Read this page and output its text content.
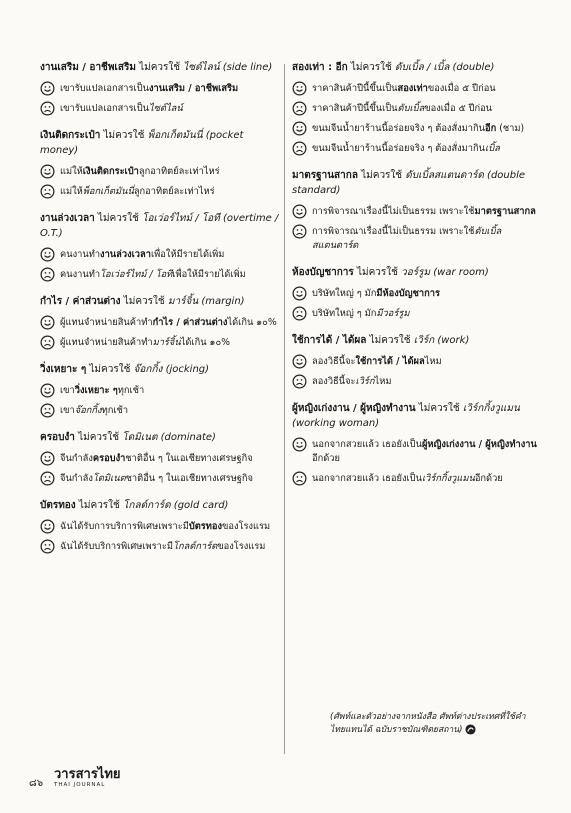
งานเสริม / อาชีพเสริม ไม่ควรใช้ ไซด์ไลน์ (side line)
เขารับแปลเอกสารเป็นงานเสริม / อาชีพเสริม
เขารับแปลเอกสารเป็นไซด์ไลน์
เงินติดกระเป๋า ไม่ควรใช้ พ็อกเก็ตมันนี่ (pocket money)
แม่ให้เงินติดกระเป๋าลูกอาทิตย์ละเท่าไหร่
แม่ให้พ็อกเก็ตมันนี่ลูกอาทิตย์ละเท่าไหร่
งานล่วงเวลา ไม่ควรใช้ โอเว่อร์ไทม์ / โอที (overtime / O.T.)
คนงานทำงานล่วงเวลาเพื่อให้มีรายได้เพิ่ม
คนงานทำโอเว่อร์ไทม์ / โอทีเพื่อให้มีรายได้เพิ่ม
กำไร / ค่าส่วนต่าง ไม่ควรใช้ มาร์จิ้น (margin)
ผู้แทนจำหน่ายสินค้าทำกำไร / ค่าส่วนต่างได้เกิน ๑๐%
ผู้แทนจำหน่ายสินค้าทำมาร์จิ้นได้เกิน ๑๐%
วิ่งเหยาะ ๆ ไม่ควรใช้ จ๊อกกิ้ง (jocking)
เขาวิ่งเหยาะ ๆทุกเช้า
เขาจ๊อกกิ้งทุกเช้า
ครอบงำ ไม่ควรใช้ โดมิเนต (dominate)
จีนกำลังครอบงำชาติอื่น ๆ ในเอเชียทางเศรษฐกิจ
จีนกำลังโดมิเนตชาติอื่น ๆ ในเอเชียทางเศรษฐกิจ
บัตรทอง ไม่ควรใช้ โกลด์การ์ด (gold card)
ฉันได้รับการบริการพิเศษเพราะมีบัตรทองของโรงแรม
ฉันได้รับบริการพิเศษเพราะมีโกลด์การ์ดของโรงแรม
สองเท่า : อีก ไม่ควรใช้ ดับเบิ้ล / เบิ้ล (double)
ราคาสินค้าปีนี้ขึ้นเป็นสองเท่าของเมื่อ ๕ ปีก่อน
ราคาสินค้าปีนี้ขึ้นเป็นดับเบิ้ลของเมื่อ ๕ ปีก่อน
ขนมจีนน้ำยาร้านนี้อร่อยจริง ๆ ต้องสั่งมากินอีก (ชาม)
ขนมจีนน้ำยาร้านนี้อร่อยจริง ๆ ต้องสั่งมากินเบิ้ล
มาตรฐานสากล ไม่ควรใช้ ดับเบิ้ลสแตนดาร์ด (double standard)
การพิจารณาเรื่องนี้ไม่เป็นธรรม เพราะใช้มาตรฐานสากล
การพิจารณาเรื่องนี้ไม่เป็นธรรม เพราะใช้ดับเบิ้ลสแตนดาร์ด
ห้องบัญชาการ ไม่ควรใช้ วอร์รูม (war room)
บริษัทใหญ่ ๆ มักมีห้องบัญชาการ
บริษัทใหญ่ ๆ มักมีวอร์รูม
ใช้การได้ / ได้ผล ไม่ควรใช้ เวิร์ก (work)
ลองวิธีนี้จะใช้การได้ / ได้ผลไหม
ลองวิธีนี้จะเวิร์กไหม
ผู้หญิงเก่งงาน / ผู้หญิงทำงาน ไม่ควรใช้ เวิร์กกิ้งวูแมน (working woman)
นอกจากสวยแล้ว เธอยังเป็นผู้หญิงเก่งงาน / ผู้หญิงทำงานอีกด้วย
นอกจากสวยแล้ว เธอยังเป็นเวิร์กกิ้งวูแมนอีกด้วย
(ศัพท์และตัวอย่างจากหนังสือ ศัพท์ต่างประเทศที่ใช้คำไทยแทนได้ ฉบับราชบัณฑิตยสถาน)
๘๖
วารสารไทย
THAI JOURNAL
